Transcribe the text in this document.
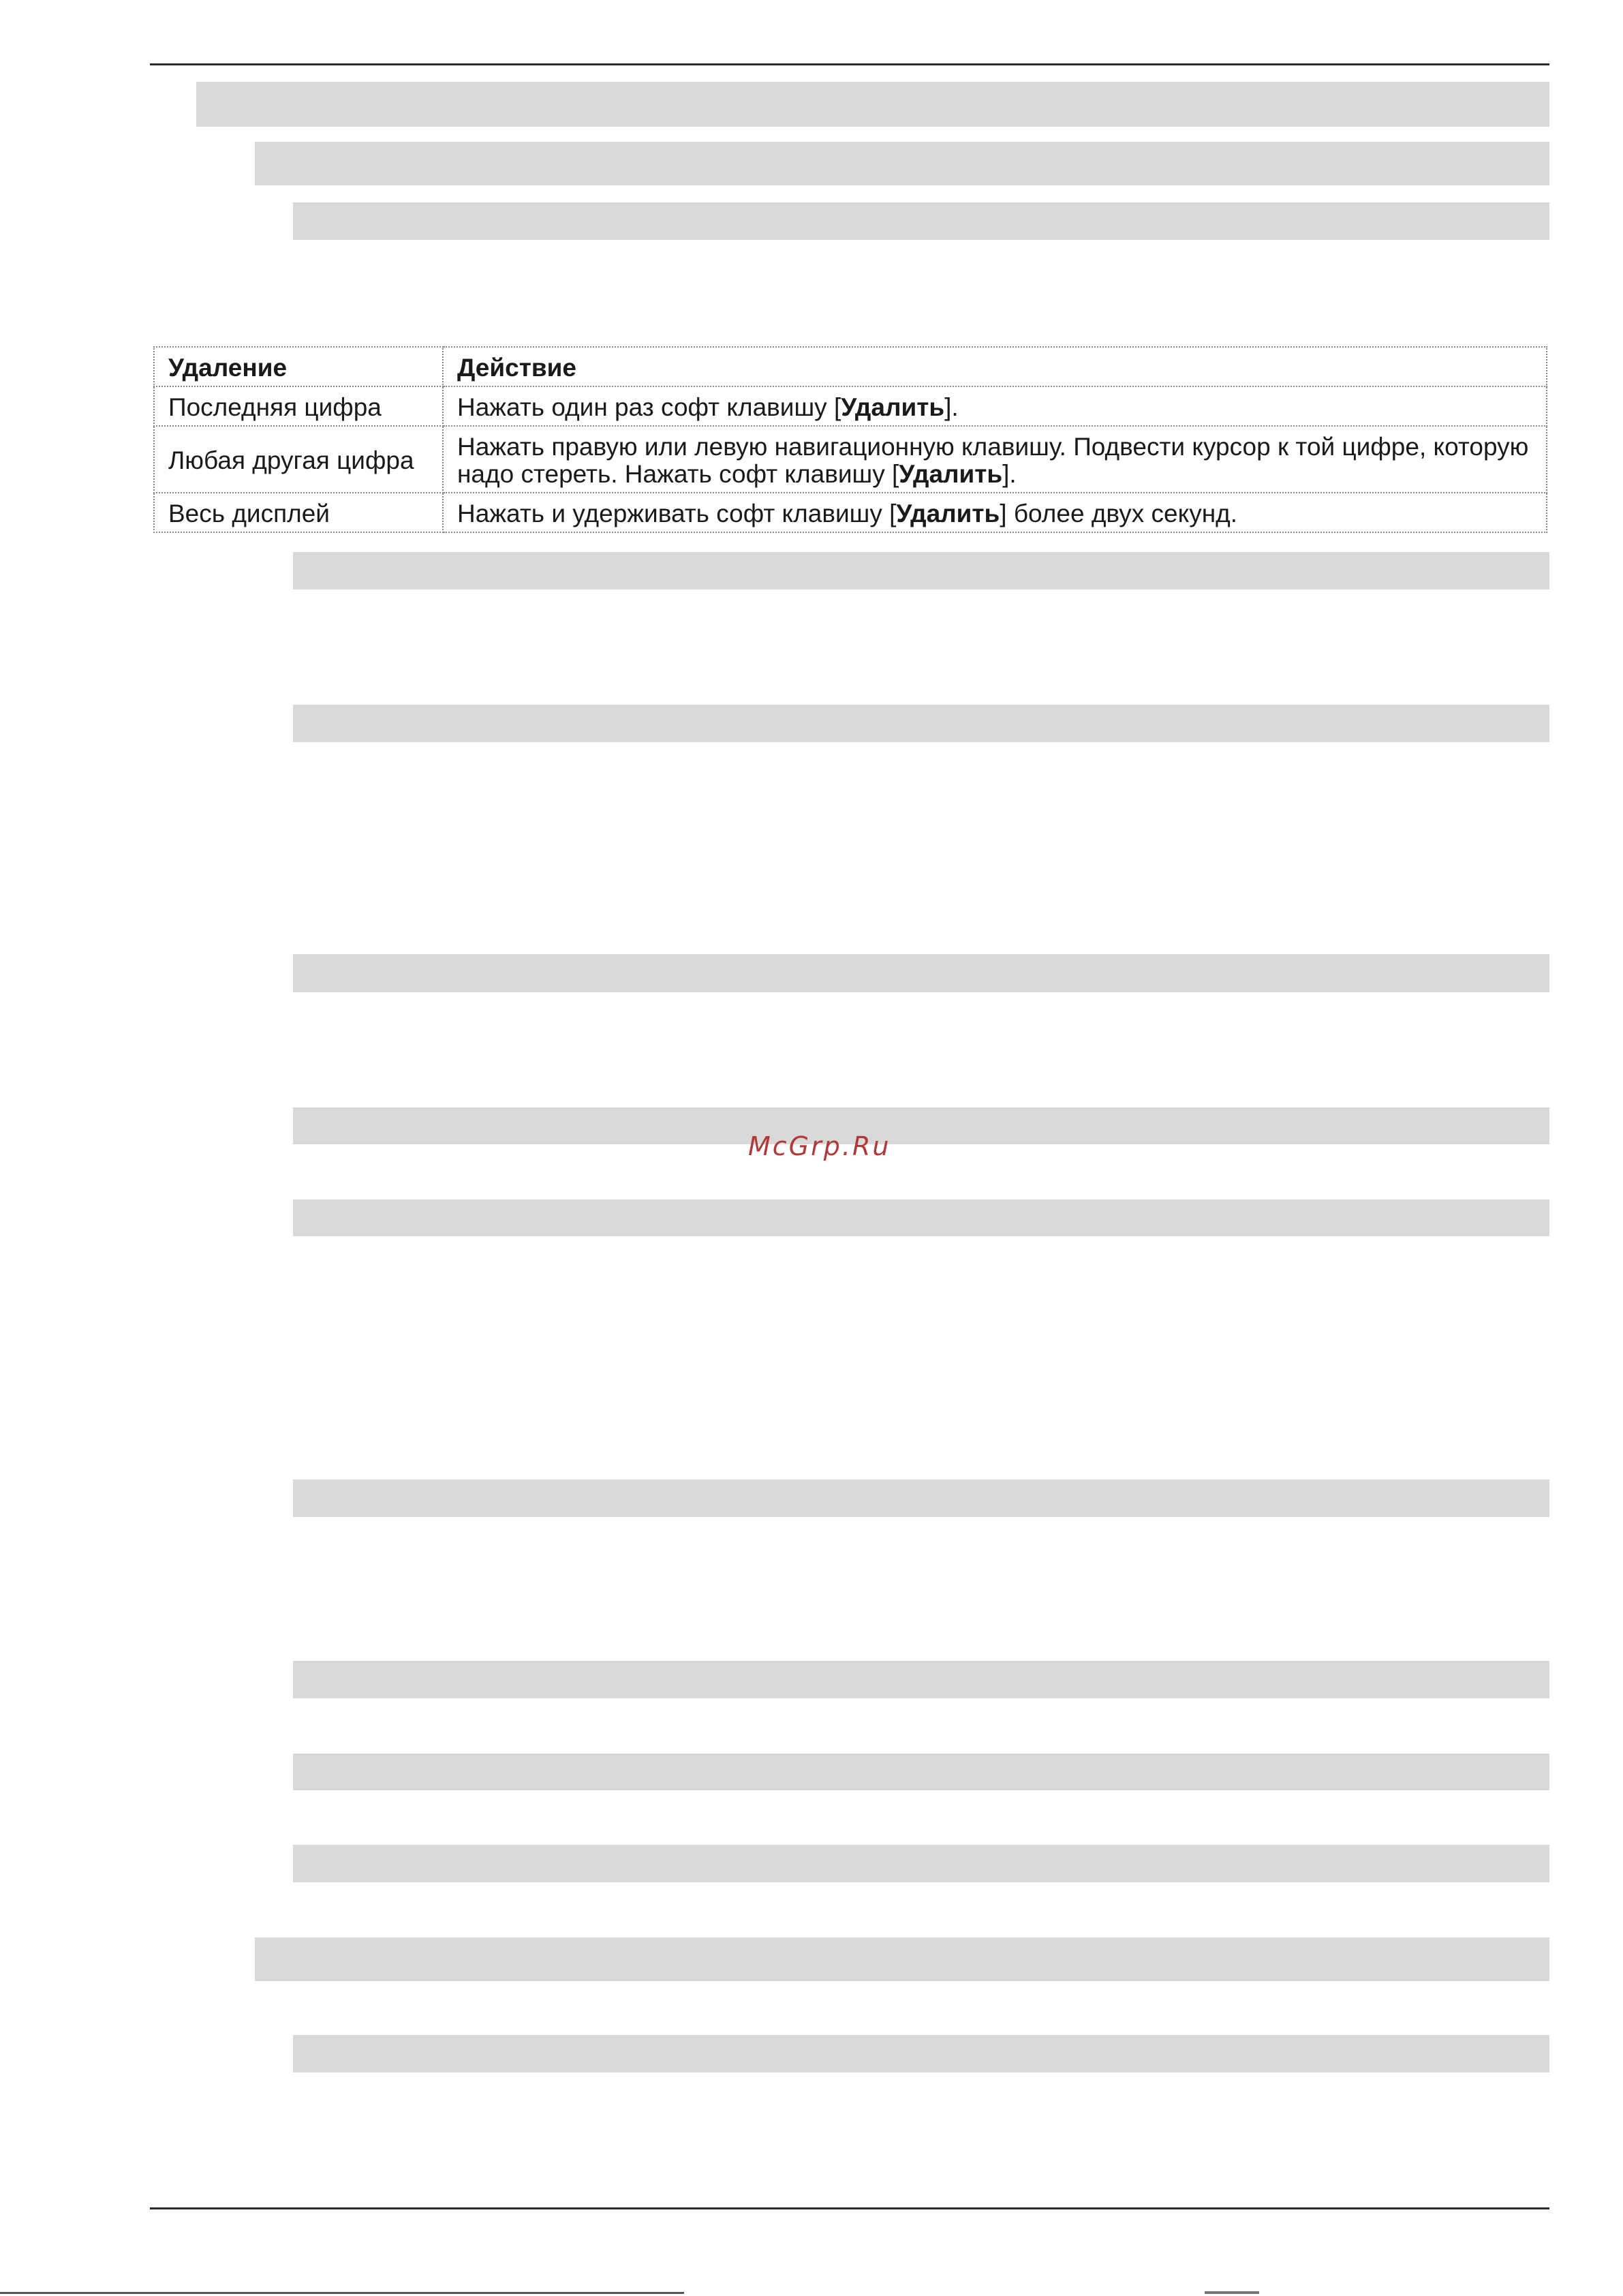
Удаление	Действие
Последняя цифра	Нажать один раз софт клавишу [Удалить].
Любая другая цифра	Нажать правую или левую навигационную клавишу. Подвести курсор к той цифре, которую надо стереть. Нажать софт клавишу [Удалить].
Весь дисплей	Нажать и удерживать софт клавишу [Удалить] более двух секунд.
McGrp.Ru
